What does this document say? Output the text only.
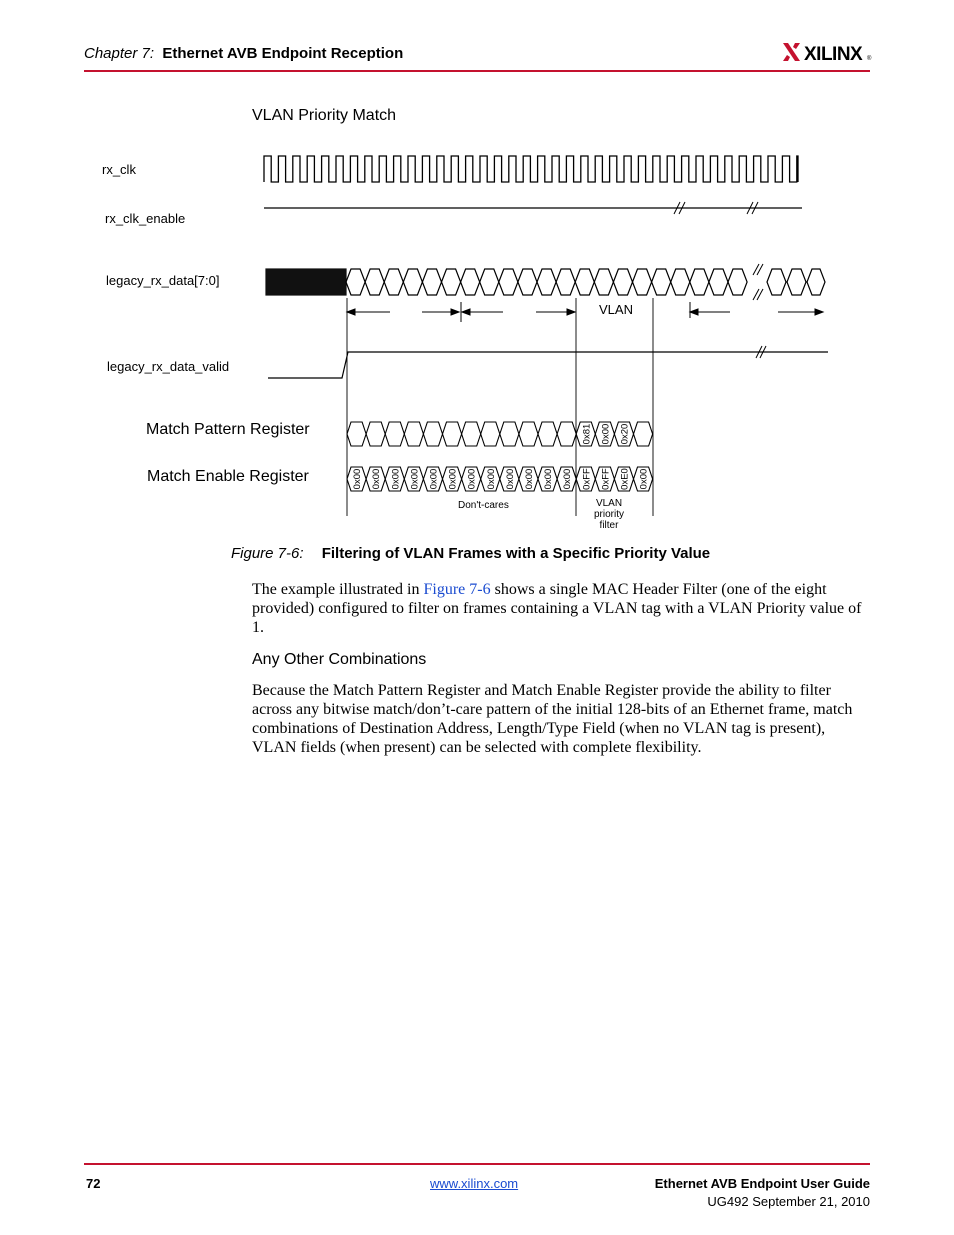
Chapter 7: Ethernet AVB Endpoint Reception	XILINX ®
VLAN Priority Match
rx_clk
rx_clk_enable
legacy_rx_data[7:0]
legacy_rx_data_valid
Match Pattern Register
Match Enable Register
VLAN
0x81 0x00 0x20
0x00 0x00 0x00 0x00 0x00 0x00 0x00 0x00 0x00 0x00 0x00 0x00 0xFF 0xFF 0xE0 0x00
Don't-cares	VLAN
priority
filter
Figure 7-6: Filtering of VLAN Frames with a Specific Priority Value
The example illustrated in Figure 7-6 shows a single MAC Header Filter (one of the eight provided) configured to filter on frames containing a VLAN tag with a VLAN Priority value of 1.
Any Other Combinations
Because the Match Pattern Register and Match Enable Register provide the ability to filter across any bitwise match/don’t-care pattern of the initial 128-bits of an Ethernet frame, match combinations of Destination Address, Length/Type Field (when no VLAN tag is present), VLAN fields (when present) can be selected with complete flexibility.
72	www.xilinx.com	Ethernet AVB Endpoint User Guide
UG492 September 21, 2010
